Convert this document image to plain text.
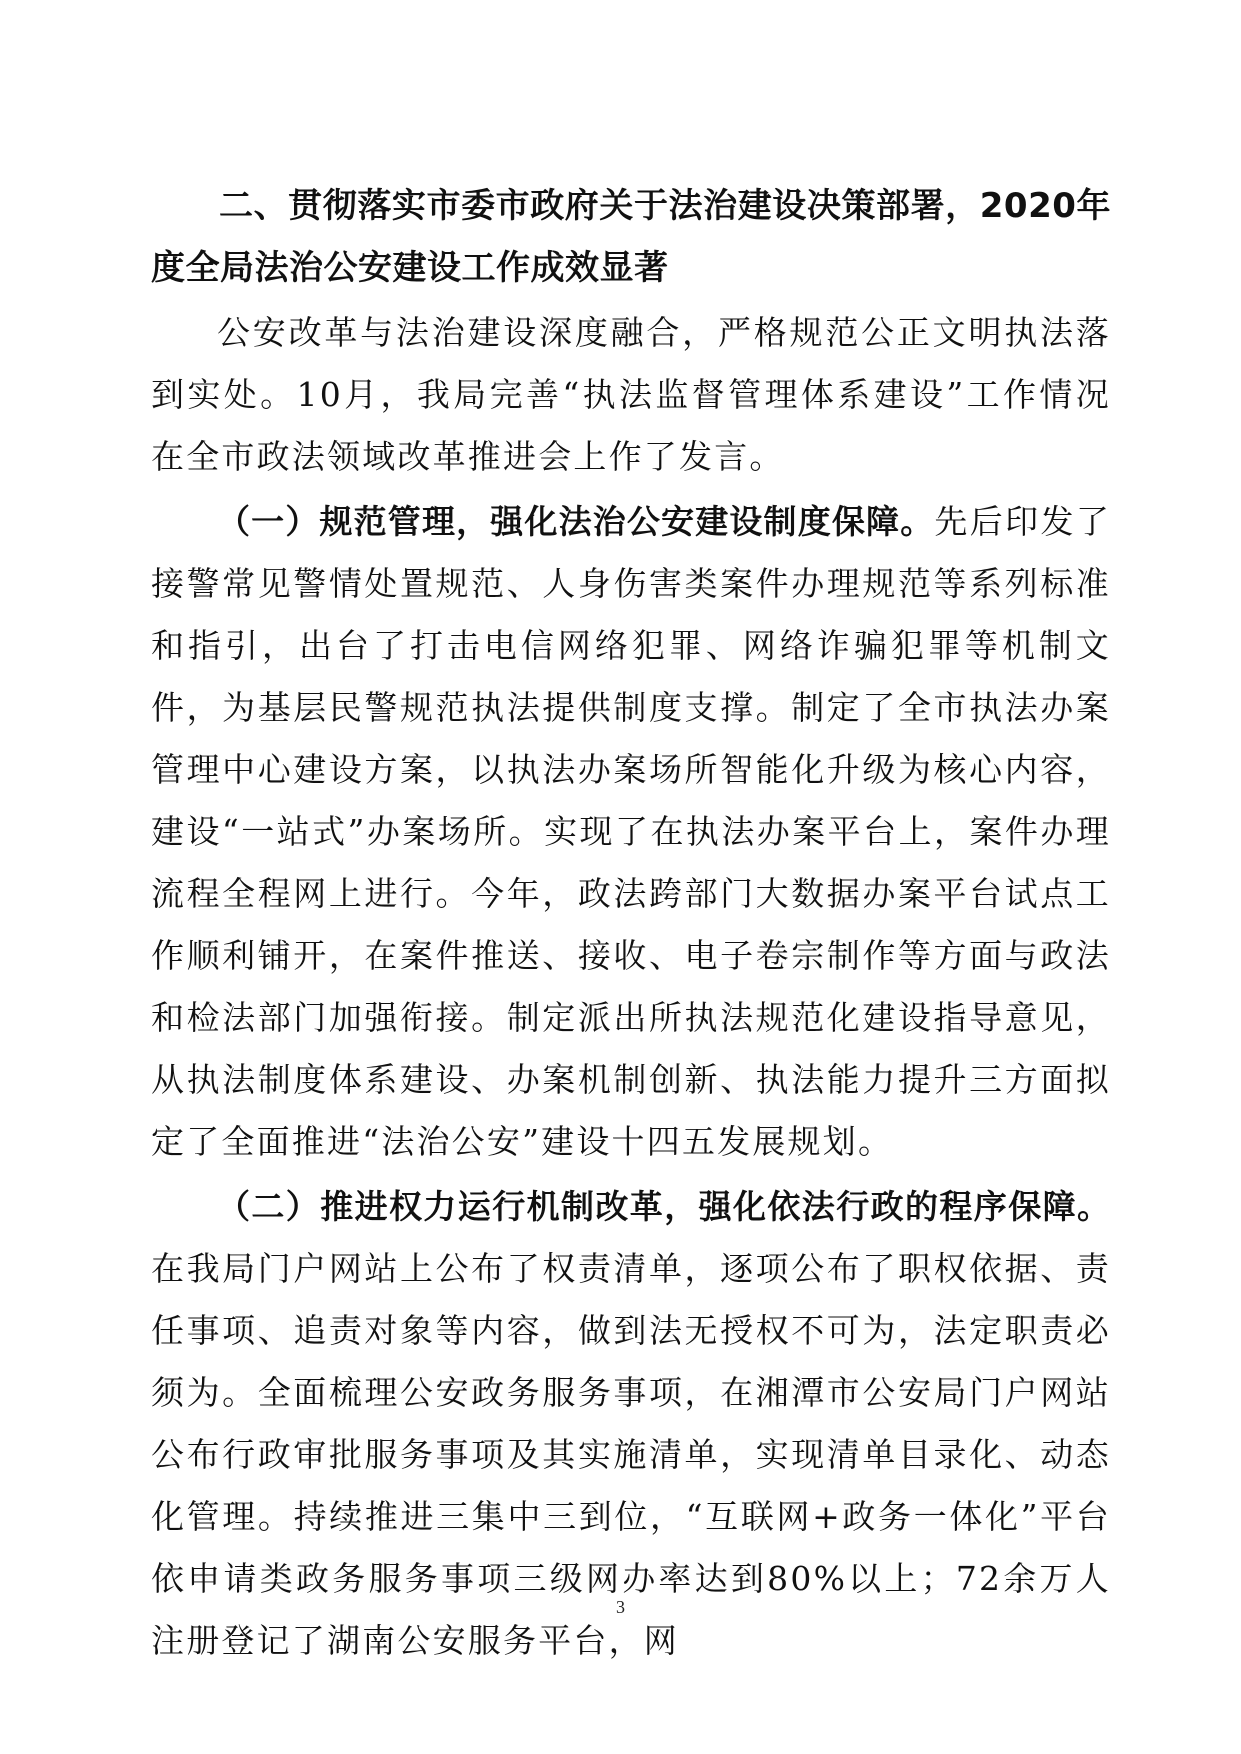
二、贯彻落实市委市政府关于法治建设决策部署，2020年度全局法治公安建设工作成效显著

公安改革与法治建设深度融合，严格规范公正文明执法落到实处。10月，我局完善“执法监督管理体系建设”工作情况在全市政法领域改革推进会上作了发言。

（一）规范管理，强化法治公安建设制度保障。先后印发了接警常见警情处置规范、人身伤害类案件办理规范等系列标准和指引，出台了打击电信网络犯罪、网络诈骗犯罪等机制文件，为基层民警规范执法提供制度支撑。制定了全市执法办案管理中心建设方案，以执法办案场所智能化升级为核心内容，建设“一站式”办案场所。实现了在执法办案平台上，案件办理流程全程网上进行。今年，政法跨部门大数据办案平台试点工作顺利铺开，在案件推送、接收、电子卷宗制作等方面与政法和检法部门加强衔接。制定派出所执法规范化建设指导意见，从执法制度体系建设、办案机制创新、执法能力提升三方面拟定了全面推进“法治公安”建设十四五发展规划。

（二）推进权力运行机制改革，强化依法行政的程序保障。在我局门户网站上公布了权责清单，逐项公布了职权依据、责任事项、追责对象等内容，做到法无授权不可为，法定职责必须为。全面梳理公安政务服务事项，在湘潭市公安局门户网站公布行政审批服务事项及其实施清单，实现清单目录化、动态化管理。持续推进三集中三到位，“互联网+政务一体化”平台依申请类政务服务事项三级网办率达到80%以上；72余万人注册登记了湖南公安服务平台，网

3
